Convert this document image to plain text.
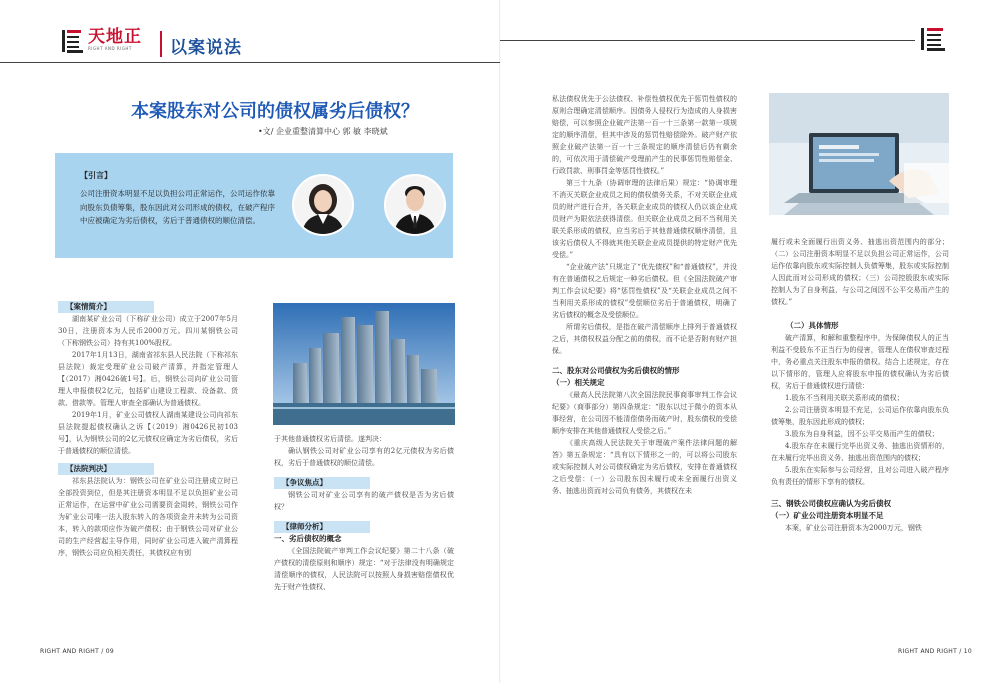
天地正
RIGHT AND RIGHT	以案说法
本案股东对公司的债权属劣后债权？
•文/ 企业重整清算中心 郭 敏 李晓斌
【引言】
公司注册资本明显不足以负担公司正常运作，公司运作依靠向股东负债筹集，股东因此对公司形成的债权，在破产程序中应被确定为劣后债权，劣后于普通债权的顺位清偿。
【案情简介】

湖南某矿业公司（下称矿业公司）成立于2007年5月30日，注册资本为人民币2000万元。四川某钢铁公司（下称钢铁公司）持有其100%股权。

2017年1月13日，湖南省祁东县人民法院（下称祁东县法院）裁定受理矿业公司破产清算，并指定管理人【（2017）湘0426破1号】。后，钢铁公司向矿业公司管理人申报债权2亿元，包括矿山建设工程款、设备款、货款、借款等。管理人审查全部确认为普通债权。

2019年1月，矿业公司债权人湖南某建设公司向祁东县法院提起债权确认之诉【（2019）湘0426民初103号】，认为钢铁公司的2亿元债权应确定为劣后债权，劣后于普通债权的顺位清偿。

【法院判决】

祁东县法院认为：钢铁公司在矿业公司注册成立时已全部投资到位，但是其注册资本明显不足以负担矿业公司正常运作，在运营中矿业公司需要资金周转，钢铁公司作为矿业公司唯一法人股东转入的各项资金并未转为公司资本，转入的款项应作为破产债权；由于钢铁公司对矿业公司的生产经营起主导作用，同时矿业公司进入破产清算程序，钢铁公司应负相关责任，其债权应有别

于其他普通债权劣后清偿。遂判决：

确认钢铁公司对矿业公司享有的2亿元债权为劣后债权，劣后于普通债权的顺位清偿。

【争议焦点】

钢铁公司对矿业公司享有的破产债权是否为劣后债权？

【律师分析】
一、劣后债权的概念

《全国法院破产审判工作会议纪要》第二十八条（破产债权的清偿原则和顺序）规定：“对于法律没有明确规定清偿顺序的债权，人民法院可以按照人身损害赔偿债权优先于财产性债权、

私法债权优先于公法债权、补偿性债权优先于惩罚性债权的原则合理确定清偿顺序。因债务人侵权行为造成的人身损害赔偿，可以参照企业破产法第一百一十三条第一款第一项规定的顺序清偿，但其中涉及的惩罚性赔偿除外。破产财产依照企业破产法第一百一十三条规定的顺序清偿后仍有剩余的，可依次用于清偿破产受理前产生的民事惩罚性赔偿金、行政罚款、刑事罚金等惩罚性债权。”

第三十九条（协调审理的法律后果）规定：“协调审理不消灭关联企业成员之间的债权债务关系，不对关联企业成员的财产进行合并，各关联企业成员的债权人仍以该企业成员财产为限依法获得清偿。但关联企业成员之间不当利用关联关系形成的债权，应当劣后于其他普通债权顺序清偿，且该劣后债权人不得就其他关联企业成员提供的特定财产优先受偿。”

“企业破产法”只规定了“优先债权”和“普通债权”，并没有在普通债权之后规定一种劣后债权。但《全国法院破产审判工作会议纪要》将“惩罚性债权”及“关联企业成员之间不当利用关系形成的债权”受偿顺位劣后于普通债权，明确了劣后债权的概念及受偿顺位。

所谓劣后债权，是指在破产清偿顺序上排列于普通债权之后，其债权权益分配之前的债权，而不论是否附有财产担保。

二、股东对公司债权为劣后债权的情形
（一）相关规定

《最高人民法院第八次全国法院民事商事审判工作会议纪要》（商事部分）第四条规定：“股东以过于微小的资本从事经营，在公司因不能清偿债务而破产时，股东债权的受偿顺序安排在其他普通债权人受偿之后。”

《重庆高级人民法院关于审理破产案件法律问题的解答》第五条规定：“具有以下情形之一的，可以将公司股东或实际控制人对公司债权确定为劣后债权，安排在普通债权之后受偿：（一）公司股东因未履行或未全面履行出资义务、抽逃出资而对公司负有债务，其债权在未

履行或未全面履行出资义务、抽逃出资范围内的部分；（二）公司注册资本明显不足以负担公司正常运作，公司运作依靠向股东或实际控制人负债筹集，股东或实际控制人因此而对公司形成的债权；（三）公司控股股东或实际控制人为了自身利益，与公司之间因不公平交易而产生的债权。”

（二）具体情形

破产清算，和解和重整程序中，为保障债权人的正当利益不受股东不正当行为的侵害，管理人在债权审查过程中，务必重点关注股东申报的债权。结合上述规定，存在以下情形的，管理人应将股东申报的债权确认为劣后债权，劣后于普通债权进行清偿：

1.股东不当利用关联关系形成的债权；

2.公司注册资本明显不充足，公司运作依靠向股东负债筹集，股东因此形成的债权；

3.股东为自身利益，因不公平交易而产生的债权；

4.股东存在未履行完毕出资义务、抽逃出资情形的，在未履行完毕出资义务、抽逃出资范围内的债权；

5.股东在实际参与公司经营，且对公司进入破产程序负有责任的情形下享有的债权。

三、钢铁公司债权应确认为劣后债权
（一）矿业公司注册资本明显不足

本案，矿业公司注册资本为2000万元，钢铁

RIGHT AND RIGHT / 09	RIGHT AND RIGHT / 10
